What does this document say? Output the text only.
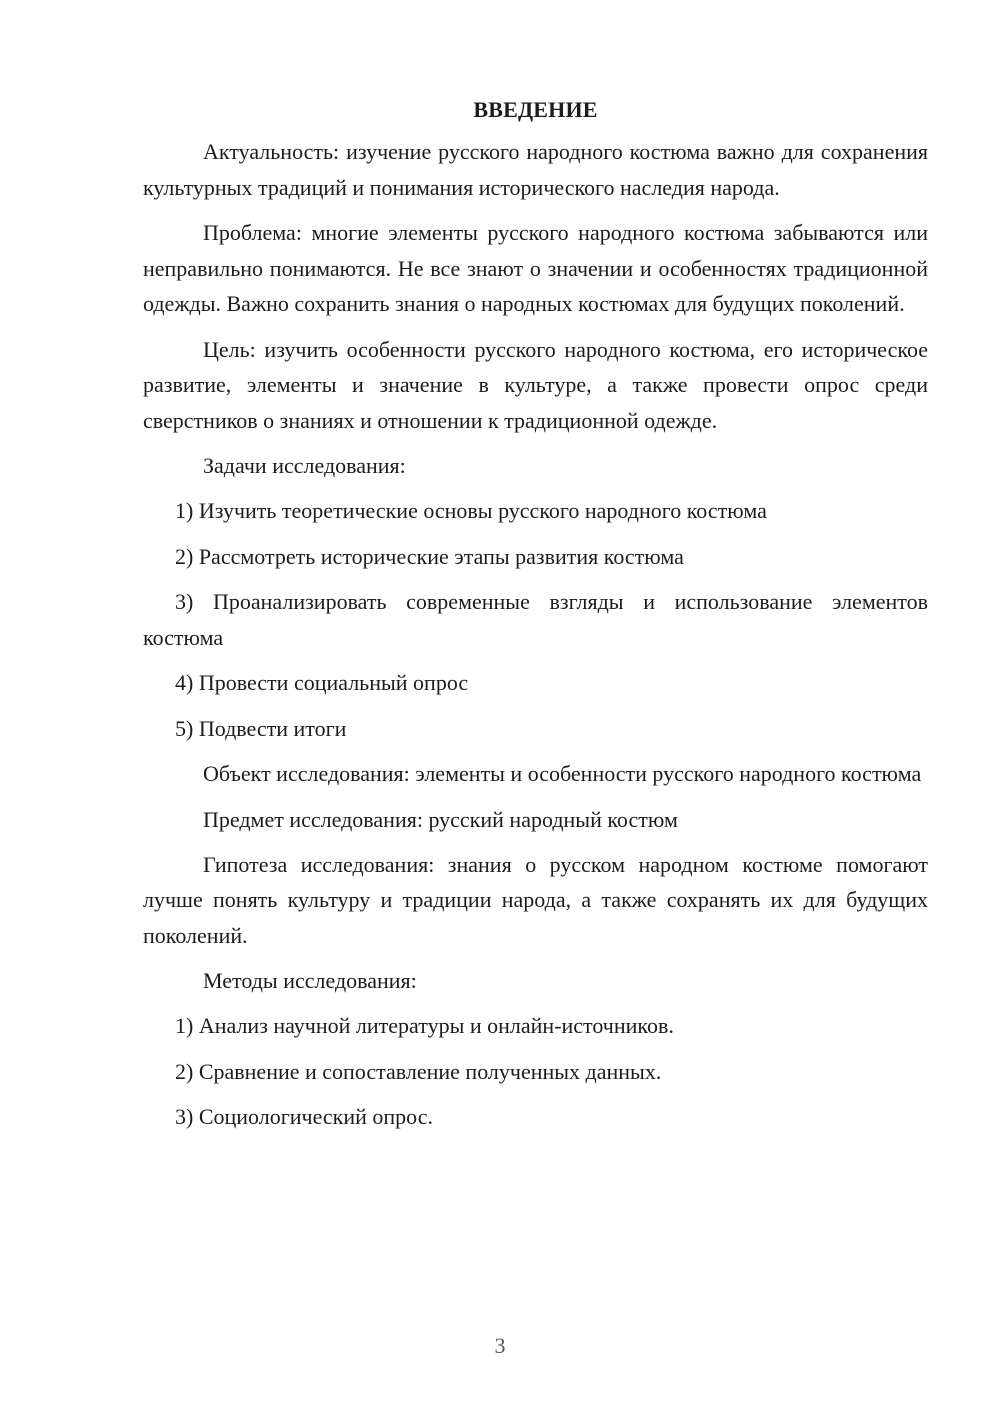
ВВЕДЕНИЕ

Актуальность: изучение русского народного костюма важно для сохранения культурных традиций и понимания исторического наследия народа.

Проблема: многие элементы русского народного костюма забываются или неправильно понимаются. Не все знают о значении и особенностях традиционной одежды. Важно сохранить знания о народных костюмах для будущих поколений.

Цель: изучить особенности русского народного костюма, его историческое развитие, элементы и значение в культуре, а также провести опрос среди сверстников о знаниях и отношении к традиционной одежде.

Задачи исследования:

1) Изучить теоретические основы русского народного костюма

2) Рассмотреть исторические этапы развития костюма

3) Проанализировать современные взгляды и использование элементов костюма

4) Провести социальный опрос

5) Подвести итоги

Объект исследования: элементы и особенности русского народного костюма

Предмет исследования: русский народный костюм

Гипотеза исследования: знания о русском народном костюме помогают лучше понять культуру и традиции народа, а также сохранять их для будущих поколений.

Методы исследования:

1) Анализ научной литературы и онлайн-источников.

2) Сравнение и сопоставление полученных данных.

3) Социологический опрос.

3
